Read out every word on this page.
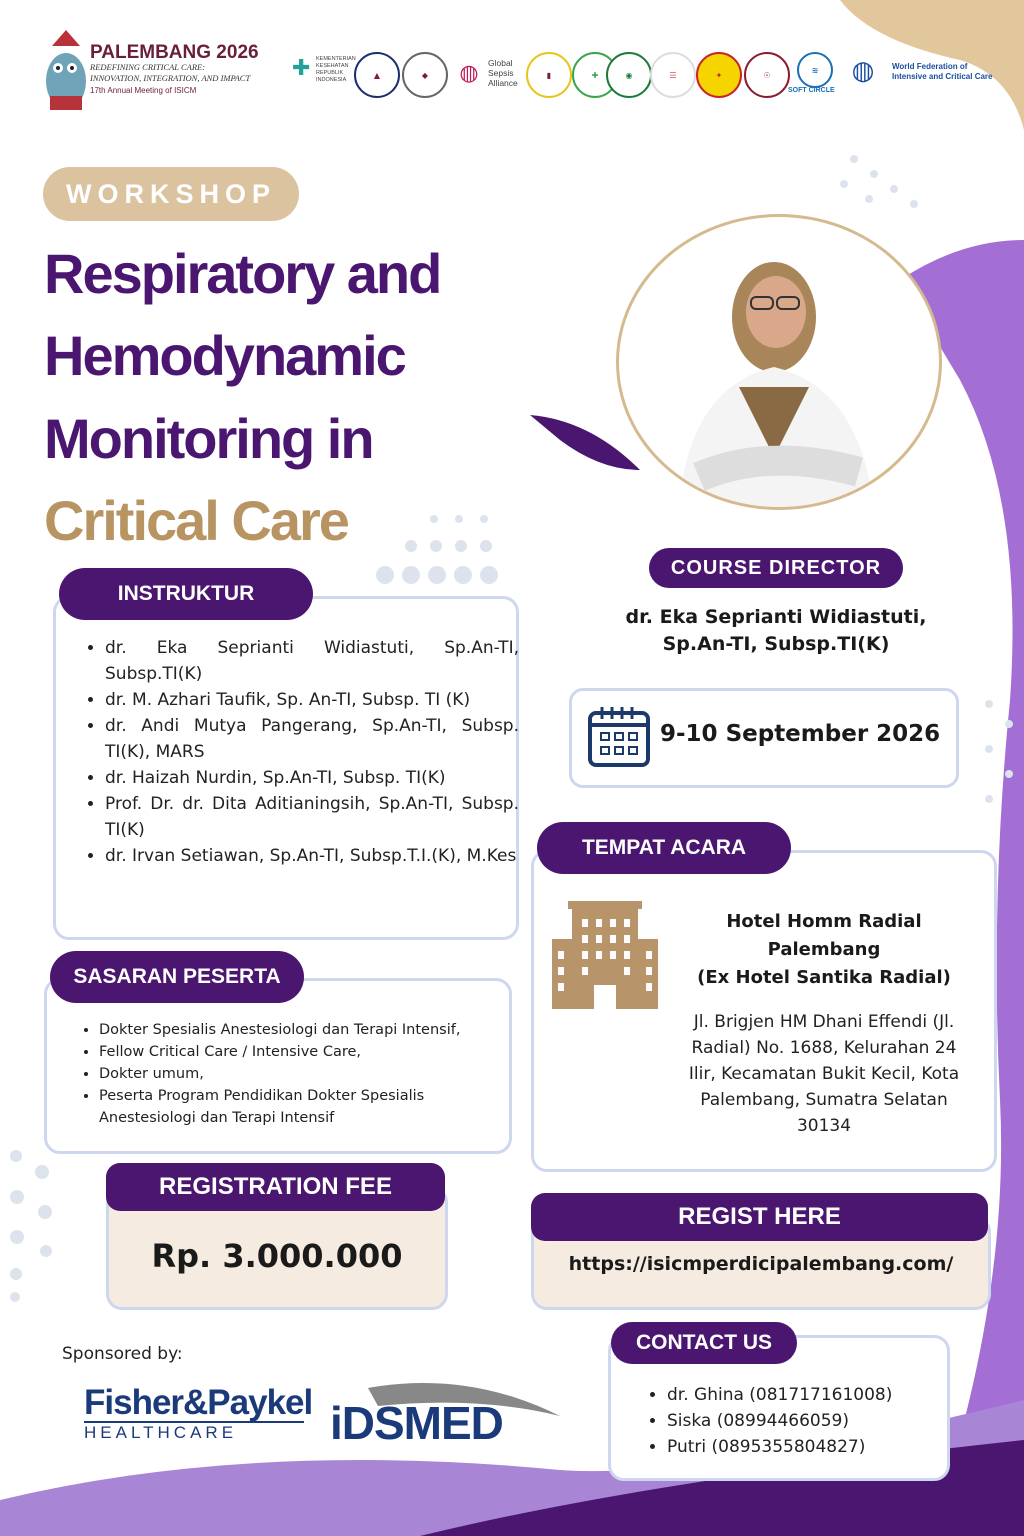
PALEMBANG 2026
REDEFINING CRITICAL CARE:
INNOVATION, INTEGRATION, AND IMPACT
17th Annual Meeting of ISICM
✚	KEMENTERIAN KESEHATAN REPUBLIK INDONESIA
▲	◆	◍	Global Sepsis Alliance
▮	✚	◉	☰	✦	☉
≋
SOFT CIRCLE
◍	World Federation of Intensive and Critical Care
WORKSHOP
Respiratory and
Hemodynamic
Monitoring in
Critical Care
COURSE DIRECTOR
dr. Eka Seprianti Widiastuti,
Sp.An-TI, Subsp.TI(K)
9-10 September 2026
• dr. Eka Seprianti Widiastuti, Sp.An-TI, Subsp.TI(K)
• dr. M. Azhari Taufik, Sp. An-TI, Subsp. TI (K)
• dr. Andi Mutya Pangerang, Sp.An-TI, Subsp. TI(K), MARS
• dr. Haizah Nurdin, Sp.An-TI, Subsp. TI(K)
• Prof. Dr. dr. Dita Aditianingsih, Sp.An-TI, Subsp. TI(K)
• dr. Irvan Setiawan, Sp.An-TI, Subsp.T.I.(K), M.Kes
INSTRUKTUR
Hotel Homm Radial
Palembang
(Ex Hotel Santika Radial)
Jl. Brigjen HM Dhani Effendi (Jl. Radial) No. 1688, Kelurahan 24 Ilir, Kecamatan Bukit Kecil, Kota Palembang, Sumatra Selatan 30134
TEMPAT ACARA
• Dokter Spesialis Anestesiologi dan Terapi Intensif,
• Fellow Critical Care / Intensive Care,
• Dokter umum,
• Peserta Program Pendidikan Dokter Spesialis Anestesiologi dan Terapi Intensif
SASARAN PESERTA
Rp. 3.000.000
REGISTRATION FEE
https://isicmperdicipalembang.com/
REGIST HERE
• dr. Ghina (081717161008)
• Siska (08994466059)
• Putri (0895355804827)
CONTACT US
Sponsored by:
Fisher&Paykel
HEALTHCARE	iDSMED
